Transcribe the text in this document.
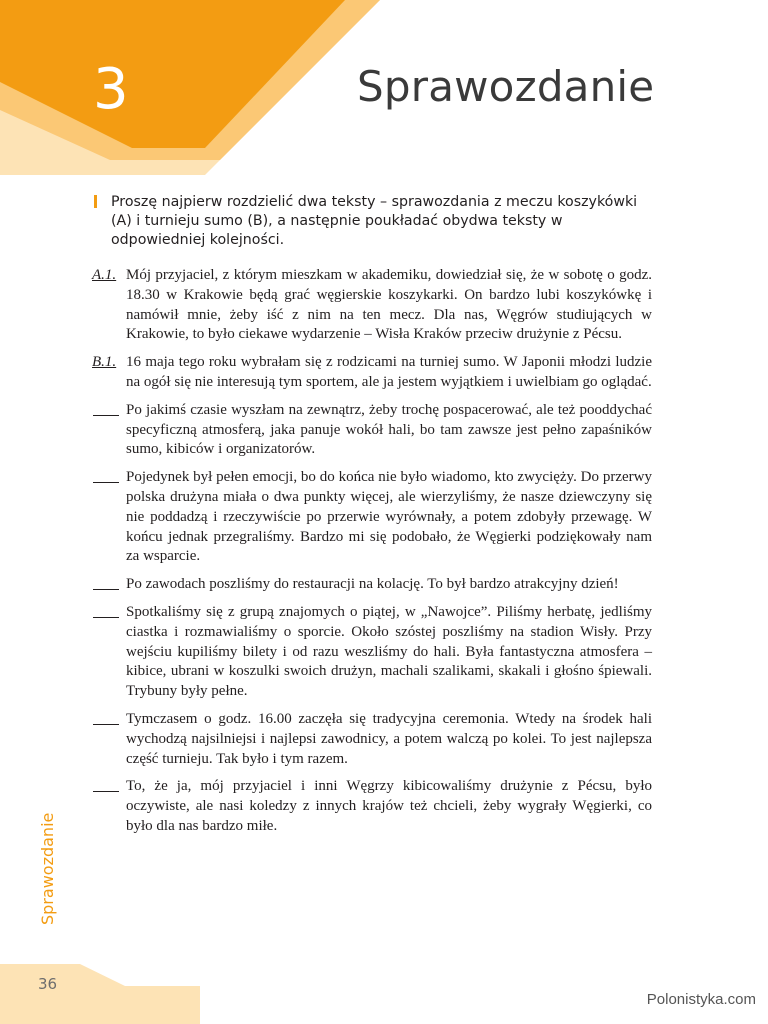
3	Sprawozdanie
Proszę najpierw rozdzielić dwa teksty – sprawozdania z meczu koszykówki (A) i turnieju sumo (B), a następnie poukładać obydwa teksty w odpowiedniej kolejności.
A.1. Mój przyjaciel, z którym mieszkam w akademiku, dowiedział się, że w sobotę o godz. 18.30 w Krakowie będą grać węgierskie koszykarki. On bardzo lubi koszykówkę i namówił mnie, żeby iść z nim na ten mecz. Dla nas, Węgrów studiujących w Krakowie, to było ciekawe wydarzenie – Wisła Kraków przeciw drużynie z Pécsu.
B.1. 16 maja tego roku wybrałam się z rodzicami na turniej sumo. W Japonii młodzi ludzie na ogół się nie interesują tym sportem, ale ja jestem wyjątkiem i uwielbiam go oglądać.
Po jakimś czasie wyszłam na zewnątrz, żeby trochę pospacerować, ale też pooddychać specyficzną atmosferą, jaka panuje wokół hali, bo tam zawsze jest pełno zapaśników sumo, kibiców i organizatorów.
Pojedynek był pełen emocji, bo do końca nie było wiadomo, kto zwycięży. Do przerwy polska drużyna miała o dwa punkty więcej, ale wierzyliśmy, że nasze dziewczyny się nie poddadzą i rzeczywiście po przerwie wyrównały, a potem zdobyły przewagę. W końcu jednak przegraliśmy. Bardzo mi się podobało, że Węgierki podziękowały nam za wsparcie.
Po zawodach poszliśmy do restauracji na kolację. To był bardzo atrakcyjny dzień!
Spotkaliśmy się z grupą znajomych o piątej, w „Nawojce”. Piliśmy herbatę, jedliśmy ciastka i rozmawialiśmy o sporcie. Około szóstej poszliśmy na stadion Wisły. Przy wejściu kupiliśmy bilety i od razu weszliśmy do hali. Była fantastyczna atmosfera – kibice, ubrani w koszulki swoich drużyn, machali szalikami, skakali i głośno śpiewali. Trybuny były pełne.
Tymczasem o godz. 16.00 zaczęła się tradycyjna ceremonia. Wtedy na środek hali wychodzą najsilniejsi i najlepsi zawodnicy, a potem walczą po kolei. To jest najlepsza część turnieju. Tak było i tym razem.
To, że ja, mój przyjaciel i inni Węgrzy kibicowaliśmy drużynie z Pécsu, było oczywiste, ale nasi koledzy z innych krajów też chcieli, żeby wygrały Węgierki, co było dla nas bardzo miłe.
Sprawozdanie
36
Polonistyka.com
